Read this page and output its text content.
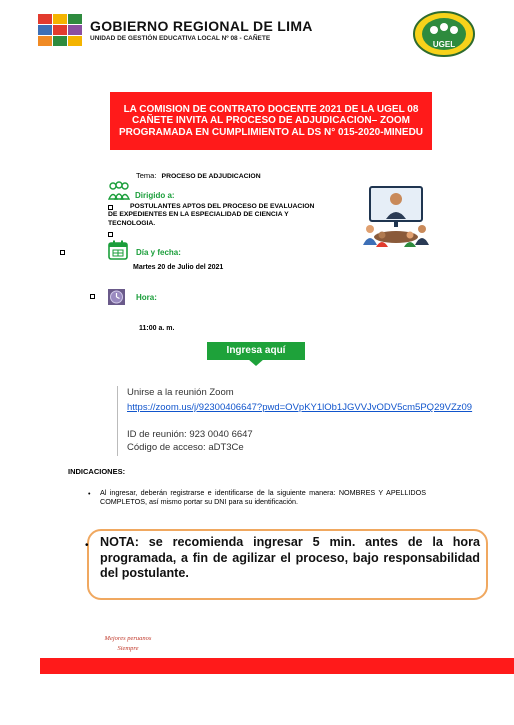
GOBIERNO REGIONAL DE LIMA
UNIDAD DE GESTIÓN EDUCATIVA LOCAL Nº 08 - CAÑETE
UGEL
LA COMISION DE CONTRATO DOCENTE 2021 DE LA UGEL 08 CAÑETE INVITA AL PROCESO DE ADJUDICACION– ZOOM PROGRAMADA EN CUMPLIMIENTO AL DS N° 015-2020-MINEDU
Tema: PROCESO DE ADJUDICACION
Dirigido a:
POSTULANTES APTOS DEL PROCESO DE EVALUACION DE EXPEDIENTES EN LA ESPECIALIDAD DE CIENCIA Y TECNOLOGIA.
Día y fecha:
Martes 20 de Julio del 2021
Hora:
11:00 a. m.
Ingresa aquí
Unirse a la reunión Zoom
https://zoom.us/j/92300406647?pwd=OVpKY1lOb1JGVVJvODV5cm5PQ29VZz09
ID de reunión: 923 0040 6647
Código de acceso: aDT3Ce
INDICACIONES:
• Al ingresar, deberán registrarse e identificarse de la siguiente manera: NOMBRES Y APELLIDOS COMPLETOS, así mismo portar su DNI para su identificación.
• NOTA: se recomienda ingresar 5 min. antes de la hora programada, a fin de agilizar el proceso, bajo responsabilidad del postulante.
Mejores peruanos
Siempre
